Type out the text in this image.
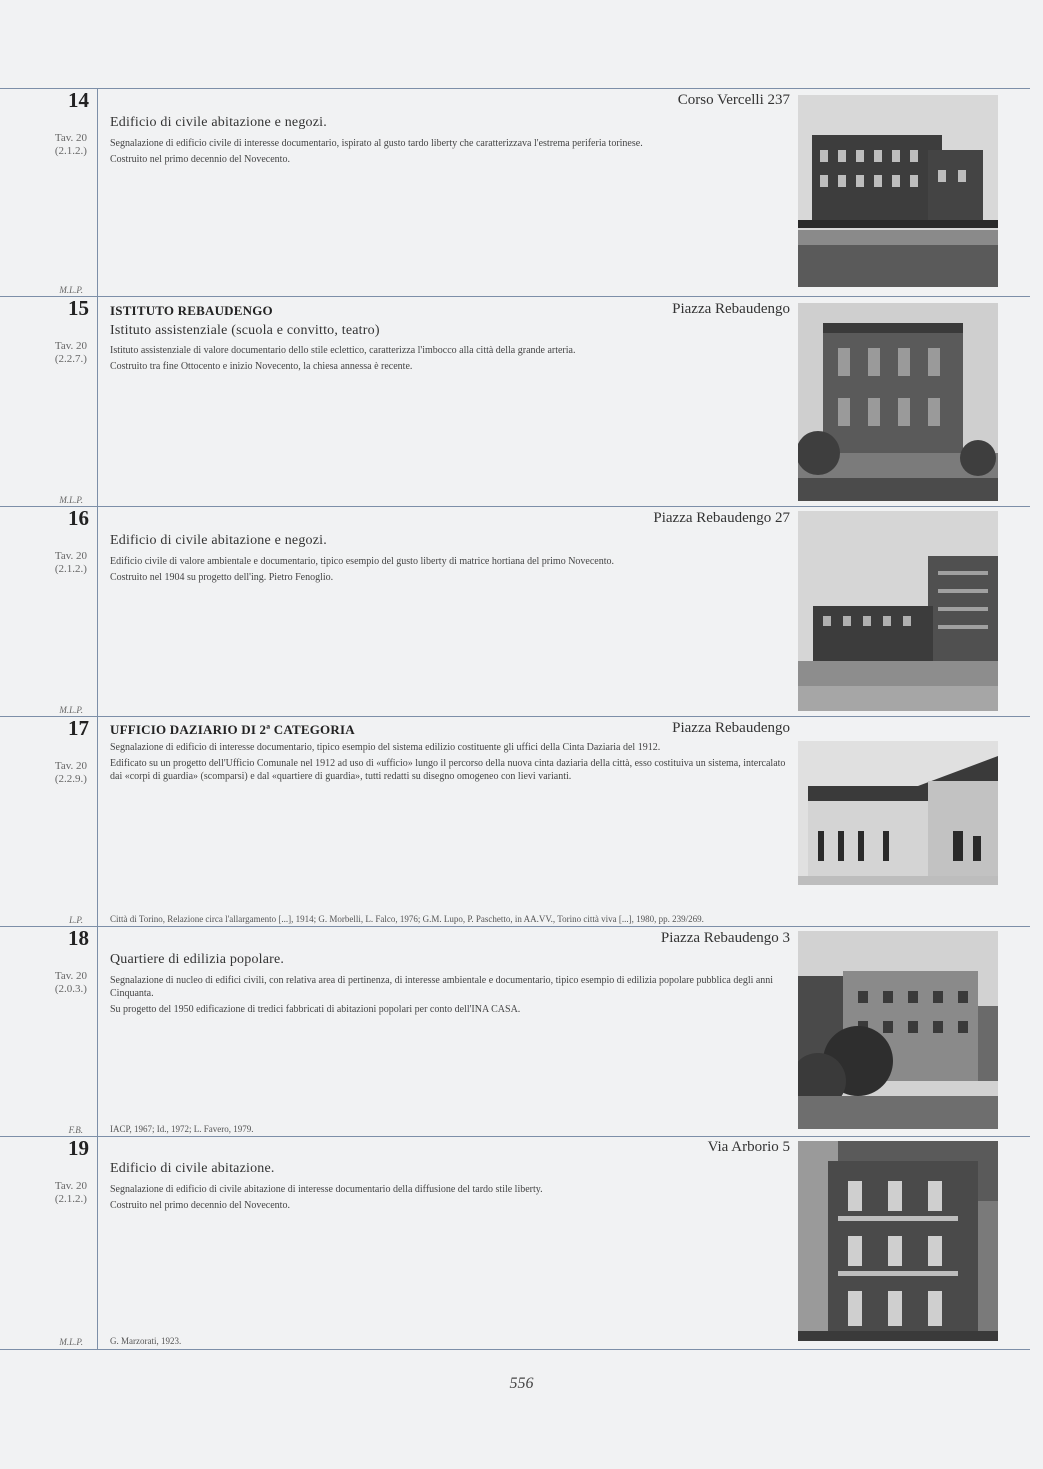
14
Tav. 20
(2.1.2.)
M.L.P.
Corso Vercelli 237
Edificio di civile abitazione e negozi.

Segnalazione di edificio civile di interesse documentario, ispirato al gusto tardo liberty che caratterizzava l'estrema periferia torinese.

Costruito nel primo decennio del Novecento.

15
Tav. 20
(2.2.7.)
M.L.P.
ISTITUTO REBAUDENGO	Piazza Rebaudengo
Istituto assistenziale (scuola e convitto, teatro)

Istituto assistenziale di valore documentario dello stile eclettico, caratterizza l'imbocco alla città della grande arteria.

Costruito tra fine Ottocento e inizio Novecento, la chiesa annessa è recente.

16
Tav. 20
(2.1.2.)
M.L.P.
Piazza Rebaudengo 27
Edificio di civile abitazione e negozi.

Edificio civile di valore ambientale e documentario, tipico esempio del gusto liberty di matrice hortiana del primo Novecento.

Costruito nel 1904 su progetto dell'ing. Pietro Fenoglio.

17
Tav. 20
(2.2.9.)
L.P.
UFFICIO DAZIARIO DI 2ª CATEGORIA	Piazza Rebaudengo

Segnalazione di edificio di interesse documentario, tipico esempio del sistema edilizio costituente gli uffici della Cinta Daziaria del 1912.

Edificato su un progetto dell'Ufficio Comunale nel 1912 ad uso di «ufficio» lungo il percorso della nuova cinta daziaria della città, esso costituiva un sistema, intercalato dai «corpi di guardia» (scomparsi) e dal «quartiere di guardia», tutti redatti su disegno omogeneo con lievi varianti.

Città di Torino, Relazione circa l'allargamento [...], 1914; G. Morbelli, L. Falco, 1976; G.M. Lupo, P. Paschetto, in AA.VV., Torino città viva [...], 1980, pp. 239/269.
18
Tav. 20
(2.0.3.)
F.B.
Piazza Rebaudengo 3
Quartiere di edilizia popolare.

Segnalazione di nucleo di edifici civili, con relativa area di pertinenza, di interesse ambientale e documentario, tipico esempio di edilizia popolare pubblica degli anni Cinquanta.

Su progetto del 1950 edificazione di tredici fabbricati di abitazioni popolari per conto dell'INA CASA.

IACP, 1967; Id., 1972; L. Favero, 1979.
19
Tav. 20
(2.1.2.)
M.L.P.
Via Arborio 5
Edificio di civile abitazione.

Segnalazione di edificio di civile abitazione di interesse documentario della diffusione del tardo stile liberty.

Costruito nel primo decennio del Novecento.

G. Marzorati, 1923.
556
